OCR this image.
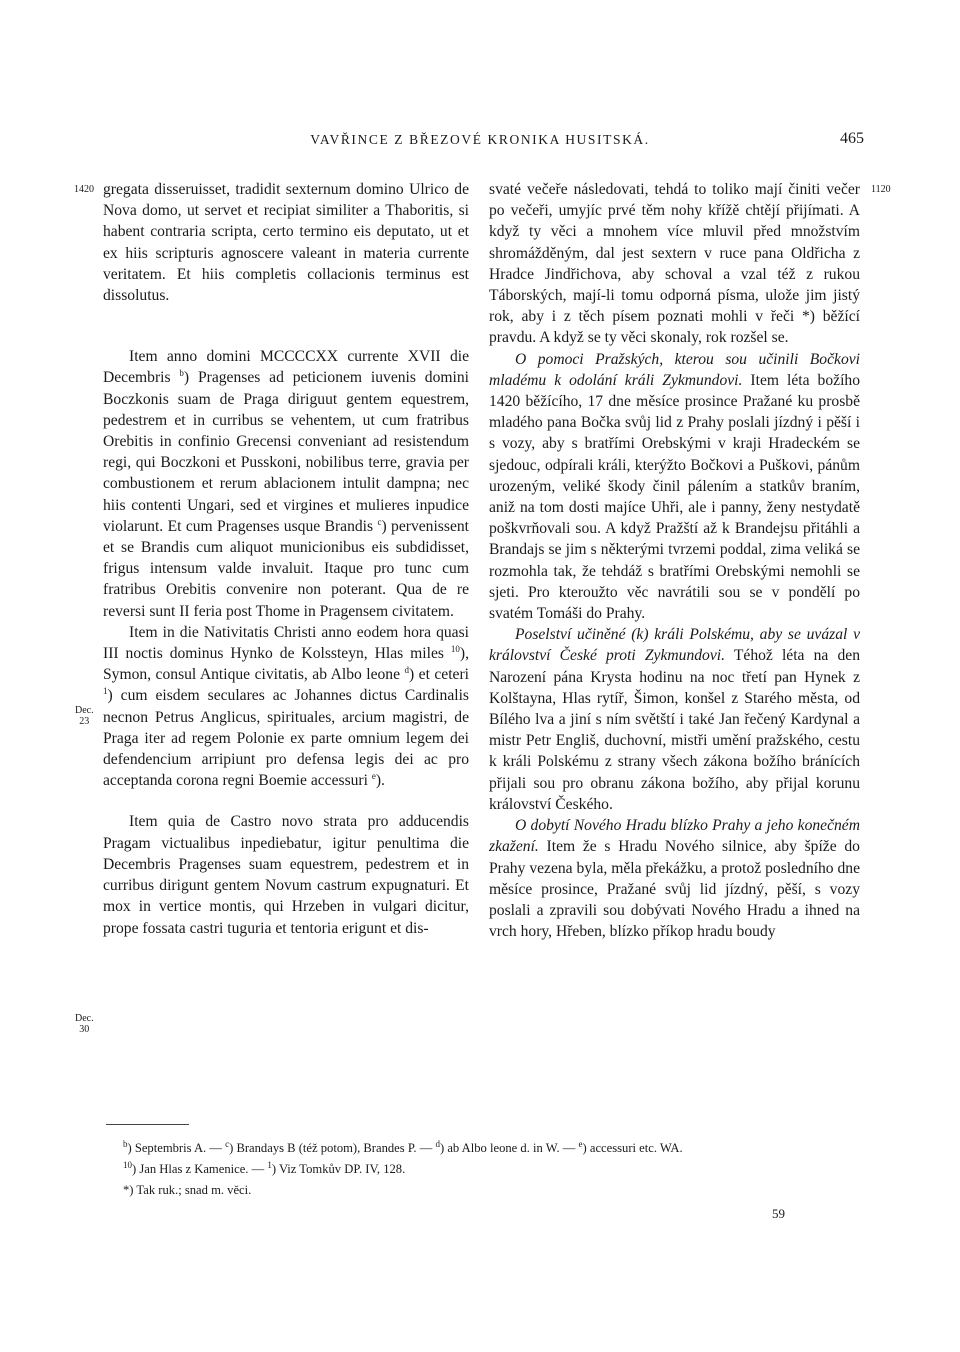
VAVŘINCE Z BŘEZOVÉ KRONIKA HUSITSKÁ.	465
1420	1120
Dec.
23
Dec.
30

gregata disseruisset, tradidit sexternum domino Ulrico de Nova domo, ut servet et recipiat similiter a Thaboritis, si habent contraria scripta, certo termino eis deputato, ut et ex hiis scripturis agnoscere valeant in materia currente veritatem. Et hiis completis collacionis terminus est dissolutus.

Item anno domini MCCCCXX currente XVII die Decembris $^b$) Pragenses ad peticionem iuvenis domini Boczkonis suam de Praga diriguut gentem equestrem, pedestrem et in curribus se vehentem, ut cum fratribus Orebitis in confinio Grecensi conveniant ad resistendum regi, qui Boczkoni et Pusskoni, nobilibus terre, gravia per combustionem et rerum ablacionem intulit dampna; nec hiis contenti Ungari, sed et virgines et mulieres inpudice violarunt. Et cum Pragenses usque Brandis $^c$) pervenissent et se Brandis cum aliquot municionibus eis subdidisset, frigus intensum valde invaluit. Itaque pro tunc cum fratribus Orebitis convenire non poterant. Qua de re reversi sunt II feria post Thome in Pragensem civitatem.

Item in die Nativitatis Christi anno eodem hora quasi III noctis dominus Hynko de Kolssteyn, Hlas miles $^{10}$), Symon, consul Antique civitatis, ab Albo leone $^d$) et ceteri $^1$) cum eisdem seculares ac Johannes dictus Cardinalis necnon Petrus Anglicus, spirituales, arcium magistri, de Praga iter ad regem Polonie ex parte omnium legem dei defendencium arripiunt pro defensa legis dei ac pro acceptanda corona regni Boemie accessuri $^e$).

Item quia de Castro novo strata pro adducendis Pragam victualibus inpediebatur, igitur penultima die Decembris Pragenses suam equestrem, pedestrem et in curribus dirigunt gentem Novum castrum expugnaturi. Et mox in vertice montis, qui Hrzeben in vulgari dicitur, prope fossata castri tuguria et tentoria erigunt et dis-

svaté večeře následovati, tehdá to toliko mají činiti večer po večeři, umyjíc prvé těm nohy křížě chtějí přijímati. A když ty věci a mnohem více mluvil před množstvím shromážděným, dal jest sextern v ruce pana Oldřicha z Hradce Jindřichova, aby schoval a vzal též z rukou Táborských, mají-li tomu odporná písma, ulože jim jistý rok, aby i z těch písem poznati mohli v řeči *) běžící pravdu. A když se ty věci skonaly, rok rozšel se.

O pomoci Pražských, kterou sou učinili Bočkovi mladému k odolání králi Zykmundovi. Item léta božího 1420 běžícího, 17 dne měsíce prosince Pražané ku prosbě mladého pana Bočka svůj lid z Prahy poslali jízdný i pěší i s vozy, aby s bratřími Orebskými v kraji Hradeckém se sjedouc, odpírali králi, kterýžto Bočkovi a Puškovi, pánům urozeným, veliké škody činil pálením a statkův braním, aniž na tom dosti majíce Uhři, ale i panny, ženy nestydatě poškvrňovali sou. A když Pražští až k Brandejsu přitáhli a Brandajs se jim s některými tvrzemi poddal, zima veliká se rozmohla tak, že tehdáž s bratřími Orebskými nemohli se sjeti. Pro kteroužto věc navrátili sou se v pondělí po svatém Tomáši do Prahy.

Poselství učiněné (k) králi Polskému, aby se uvázal v království České proti Zykmundovi. Téhož léta na den Narození pána Krysta hodinu na noc třetí pan Hynek z Kolštayna, Hlas rytíř, Šimon, konšel z Starého města, od Bílého lva a jiní s ním světští i také Jan řečený Kardynal a mistr Petr Engliš, duchovní, mistři umění pražského, cestu k králi Polskému z strany všech zákona božího bránících přijali sou pro obranu zákona božího, aby přijal korunu království Českého.

O dobytí Nového Hradu blízko Prahy a jeho konečném zkažení. Item že s Hradu Nového silnice, aby špíže do Prahy vezena byla, měla překážku, a protož posledního dne měsíce prosince, Pražané svůj lid jízdný, pěší, s vozy poslali a zpravili sou dobývati Nového Hradu a ihned na vrch hory, Hřeben, blízko příkop hradu boudy

$^b$) Septembris A. — $^c$) Brandays B (též potom), Brandes P. — $^d$) ab Albo leone d. in W. — $^e$) accessuri etc. WA.

$^{10}$) Jan Hlas z Kamenice. — $^1$) Viz Tomkův DP. IV, 128.

*) Tak ruk.; snad m. věci.

59
